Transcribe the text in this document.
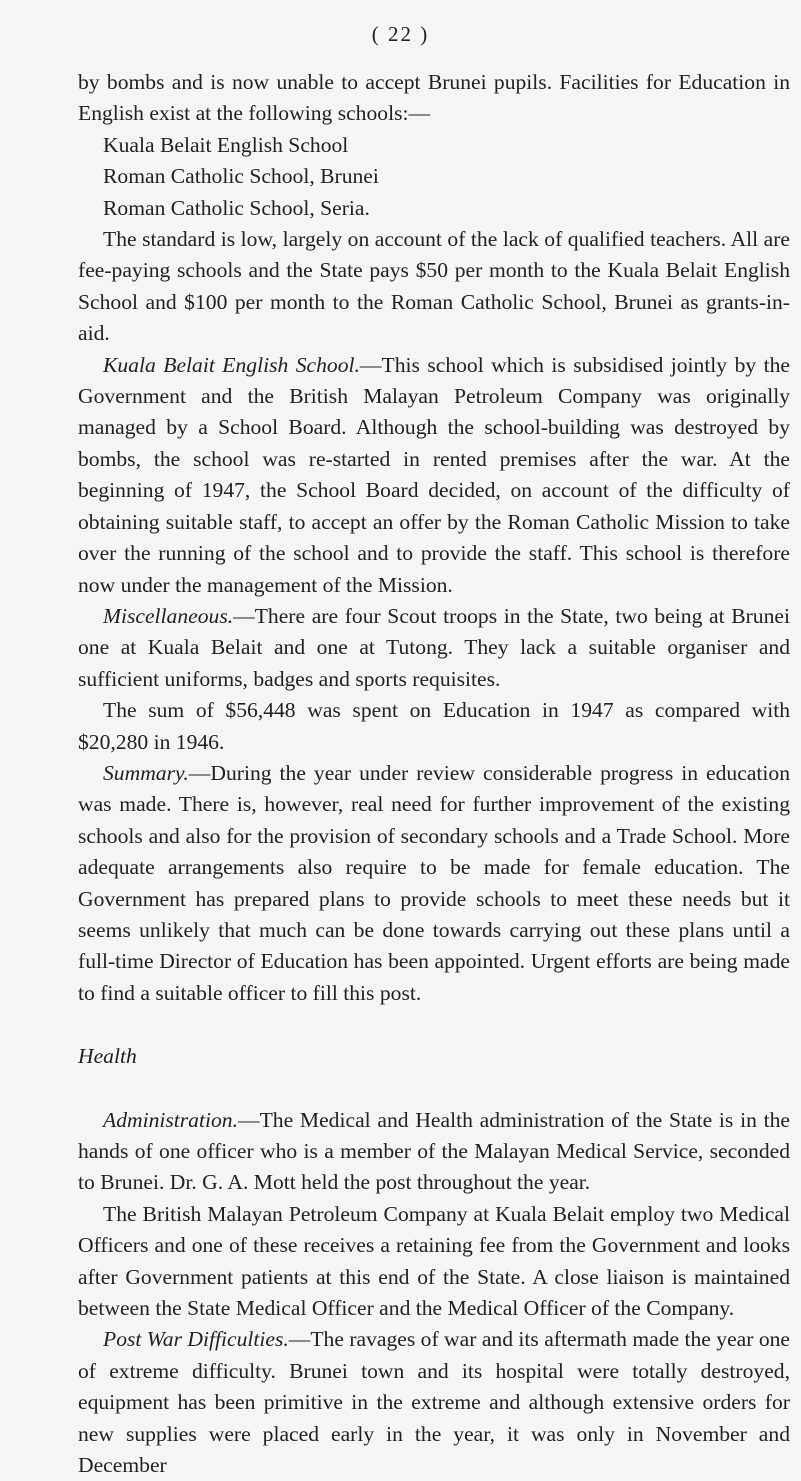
( 22 )

by bombs and is now unable to accept Brunei pupils. Facilities for Education in English exist at the following schools:—

Kuala Belait English School

Roman Catholic School, Brunei

Roman Catholic School, Seria.

The standard is low, largely on account of the lack of qualified teachers. All are fee-paying schools and the State pays $50 per month to the Kuala Belait English School and $100 per month to the Roman Catholic School, Brunei as grants-in-aid.

Kuala Belait English School.—This school which is subsidised jointly by the Government and the British Malayan Petroleum Company was originally managed by a School Board. Although the school-building was destroyed by bombs, the school was re-started in rented premises after the war. At the beginning of 1947, the School Board decided, on account of the difficulty of obtaining suitable staff, to accept an offer by the Roman Catholic Mission to take over the running of the school and to provide the staff. This school is therefore now under the management of the Mission.

Miscellaneous.—There are four Scout troops in the State, two being at Brunei one at Kuala Belait and one at Tutong. They lack a suitable organiser and sufficient uniforms, badges and sports requisites.

The sum of $56,448 was spent on Education in 1947 as compared with $20,280 in 1946.

Summary.—During the year under review considerable progress in education was made. There is, however, real need for further improvement of the existing schools and also for the provision of secondary schools and a Trade School. More adequate arrangements also require to be made for female education. The Government has prepared plans to provide schools to meet these needs but it seems unlikely that much can be done towards carrying out these plans until a full-time Director of Education has been appointed. Urgent efforts are being made to find a suitable officer to fill this post.

Health

Administration.—The Medical and Health administration of the State is in the hands of one officer who is a member of the Malayan Medical Service, seconded to Brunei. Dr. G. A. Mott held the post throughout the year.

The British Malayan Petroleum Company at Kuala Belait employ two Medical Officers and one of these receives a retaining fee from the Government and looks after Government patients at this end of the State. A close liaison is maintained between the State Medical Officer and the Medical Officer of the Company.

Post War Difficulties.—The ravages of war and its aftermath made the year one of extreme difficulty. Brunei town and its hospital were totally destroyed, equipment has been primitive in the extreme and although extensive orders for new supplies were placed early in the year, it was only in November and December
